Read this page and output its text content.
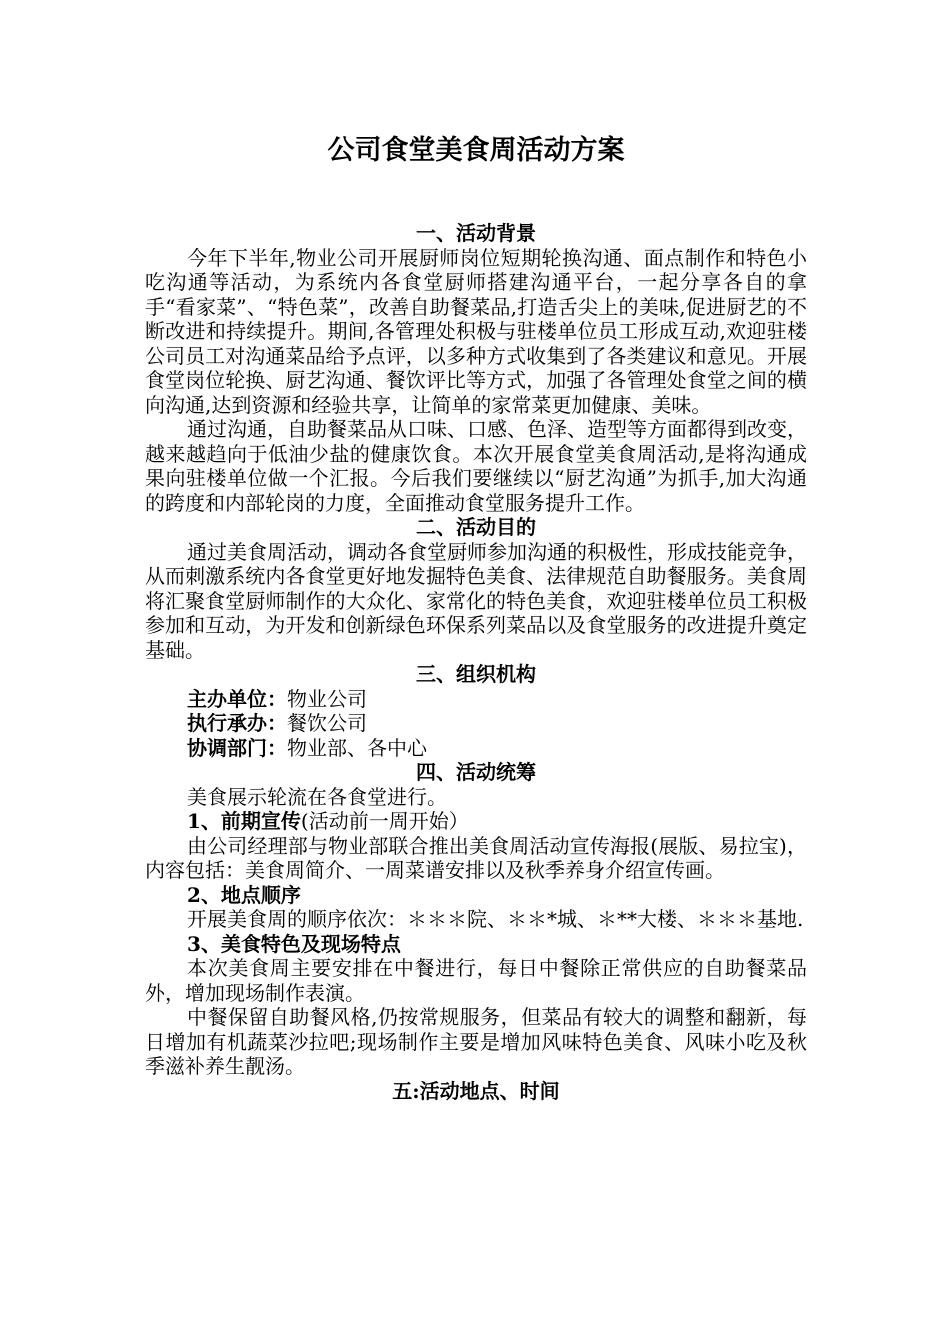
公司食堂美食周活动方案

一、活动背景

今年下半年,物业公司开展厨师岗位短期轮换沟通、面点制作和特色小吃沟通等活动，为系统内各食堂厨师搭建沟通平台，一起分享各自的拿手“看家菜”、“特色菜”，改善自助餐菜品,打造舌尖上的美味,促进厨艺的不断改进和持续提升。期间,各管理处积极与驻楼单位员工形成互动,欢迎驻楼公司员工对沟通菜品给予点评，以多种方式收集到了各类建议和意见。开展食堂岗位轮换、厨艺沟通、餐饮评比等方式，加强了各管理处食堂之间的横向沟通,达到资源和经验共享，让简单的家常菜更加健康、美味。

通过沟通，自助餐菜品从口味、口感、色泽、造型等方面都得到改变，越来越趋向于低油少盐的健康饮食。本次开展食堂美食周活动,是将沟通成果向驻楼单位做一个汇报。今后我们要继续以“厨艺沟通”为抓手,加大沟通的跨度和内部轮岗的力度，全面推动食堂服务提升工作。

二、活动目的

通过美食周活动，调动各食堂厨师参加沟通的积极性，形成技能竞争，从而刺激系统内各食堂更好地发掘特色美食、法律规范自助餐服务。美食周将汇聚食堂厨师制作的大众化、家常化的特色美食，欢迎驻楼单位员工积极参加和互动，为开发和创新绿色环保系列菜品以及食堂服务的改进提升奠定基础。

三、组织机构

主办单位：物业公司

执行承办：餐饮公司

协调部门：物业部、各中心

四、活动统筹

美食展示轮流在各食堂进行。

1、前期宣传(活动前一周开始）

由公司经理部与物业部联合推出美食周活动宣传海报(展版、易拉宝)，内容包括：美食周简介、一周菜谱安排以及秋季养身介绍宣传画。

2、地点顺序

开展美食周的顺序依次：＊＊＊院、＊＊*城、＊**大楼、＊＊＊基地.

3、美食特色及现场特点

本次美食周主要安排在中餐进行，每日中餐除正常供应的自助餐菜品外，增加现场制作表演。

中餐保留自助餐风格,仍按常规服务，但菜品有较大的调整和翻新，每日增加有机蔬菜沙拉吧;现场制作主要是增加风味特色美食、风味小吃及秋季滋补养生靓汤。

五:活动地点、时间
